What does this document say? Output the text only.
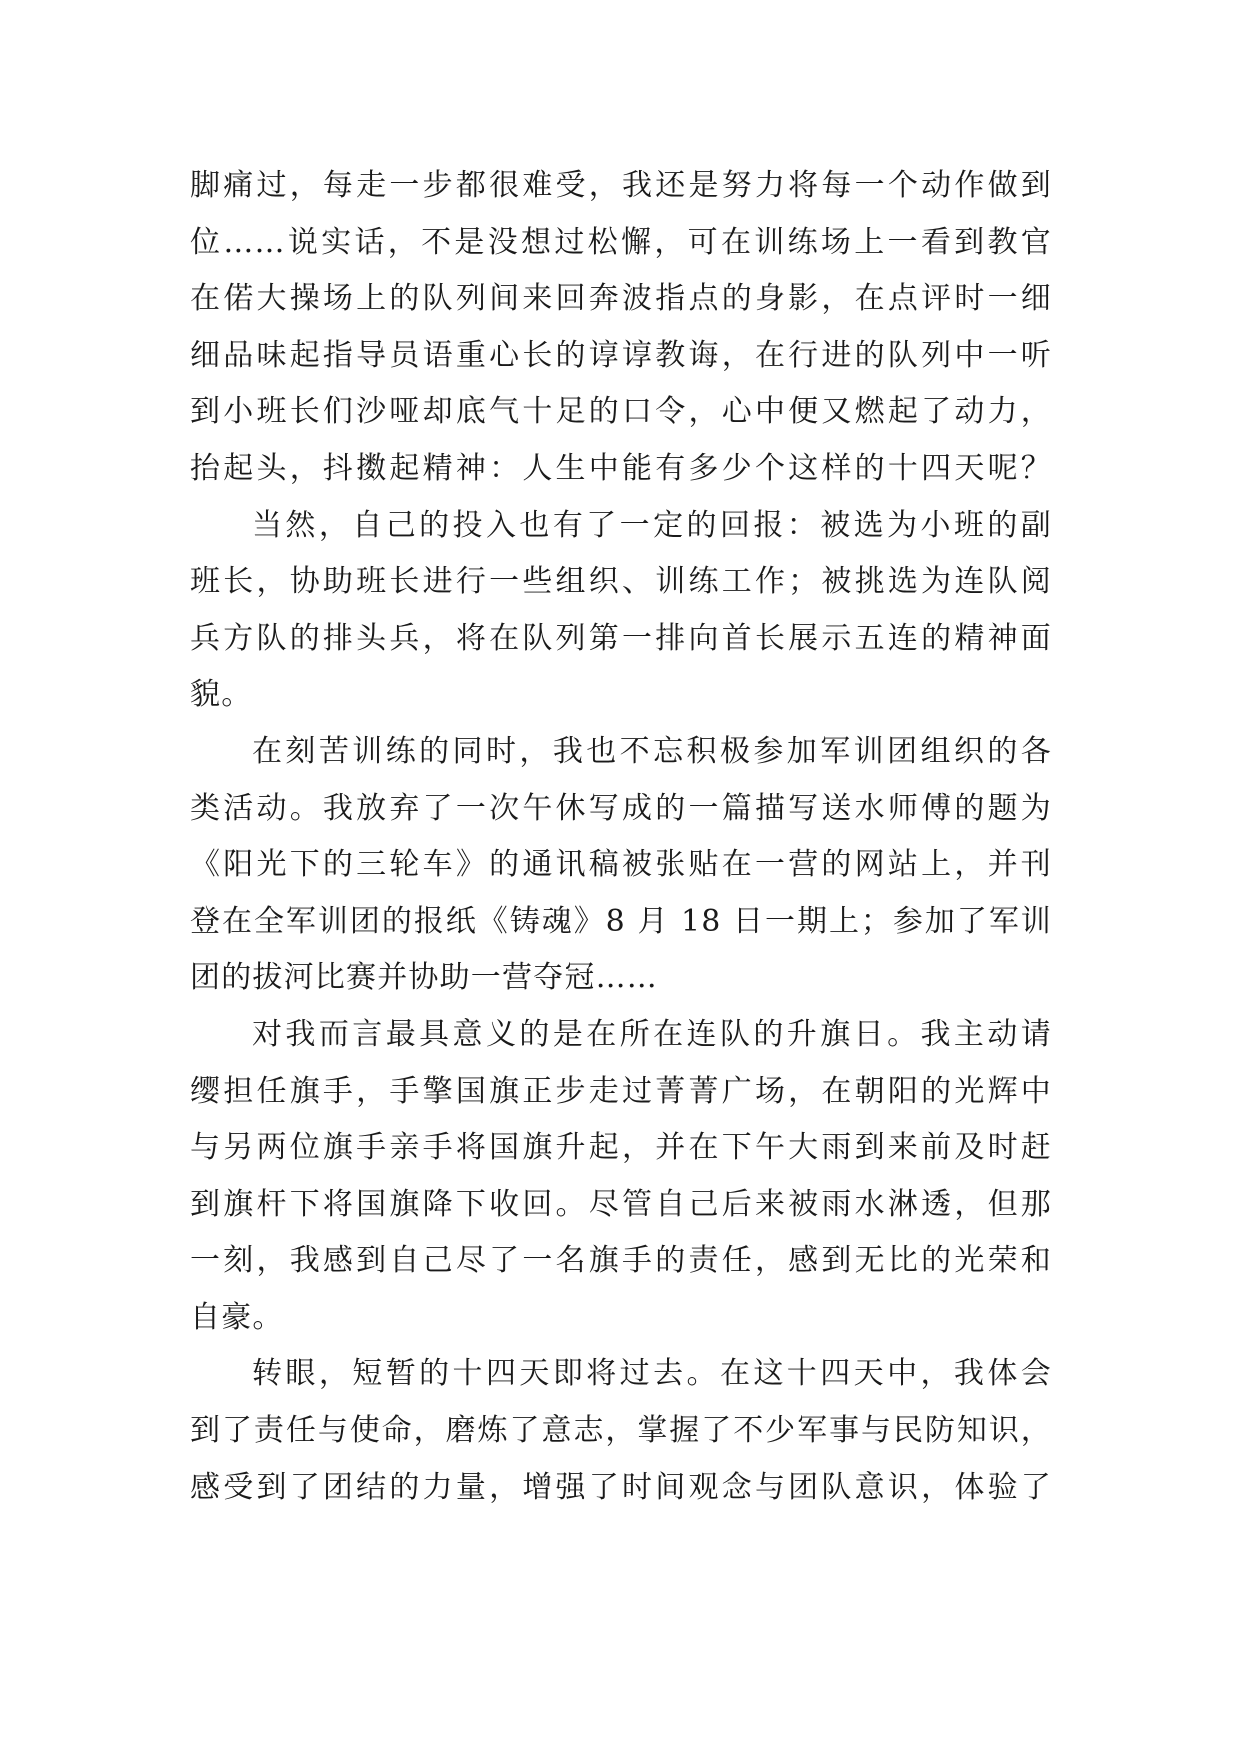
脚痛过，每走一步都很难受，我还是努力将每一个动作做到
位……说实话，不是没想过松懈，可在训练场上一看到教官
在偌大操场上的队列间来回奔波指点的身影，在点评时一细
细品味起指导员语重心长的谆谆教诲，在行进的队列中一听
到小班长们沙哑却底气十足的口令，心中便又燃起了动力，
抬起头，抖擞起精神：人生中能有多少个这样的十四天呢？
当然，自己的投入也有了一定的回报：被选为小班的副
班长，协助班长进行一些组织、训练工作；被挑选为连队阅
兵方队的排头兵，将在队列第一排向首长展示五连的精神面
貌。
在刻苦训练的同时，我也不忘积极参加军训团组织的各
类活动。我放弃了一次午休写成的一篇描写送水师傅的题为
《阳光下的三轮车》的通讯稿被张贴在一营的网站上，并刊
登在全军训团的报纸《铸魂》8 月 18 日一期上；参加了军训
团的拔河比赛并协助一营夺冠……
对我而言最具意义的是在所在连队的升旗日。我主动请
缨担任旗手，手擎国旗正步走过菁菁广场，在朝阳的光辉中
与另两位旗手亲手将国旗升起，并在下午大雨到来前及时赶
到旗杆下将国旗降下收回。尽管自己后来被雨水淋透，但那
一刻，我感到自己尽了一名旗手的责任，感到无比的光荣和
自豪。
转眼，短暂的十四天即将过去。在这十四天中，我体会
到了责任与使命，磨炼了意志，掌握了不少军事与民防知识，
感受到了团结的力量，增强了时间观念与团队意识，体验了
